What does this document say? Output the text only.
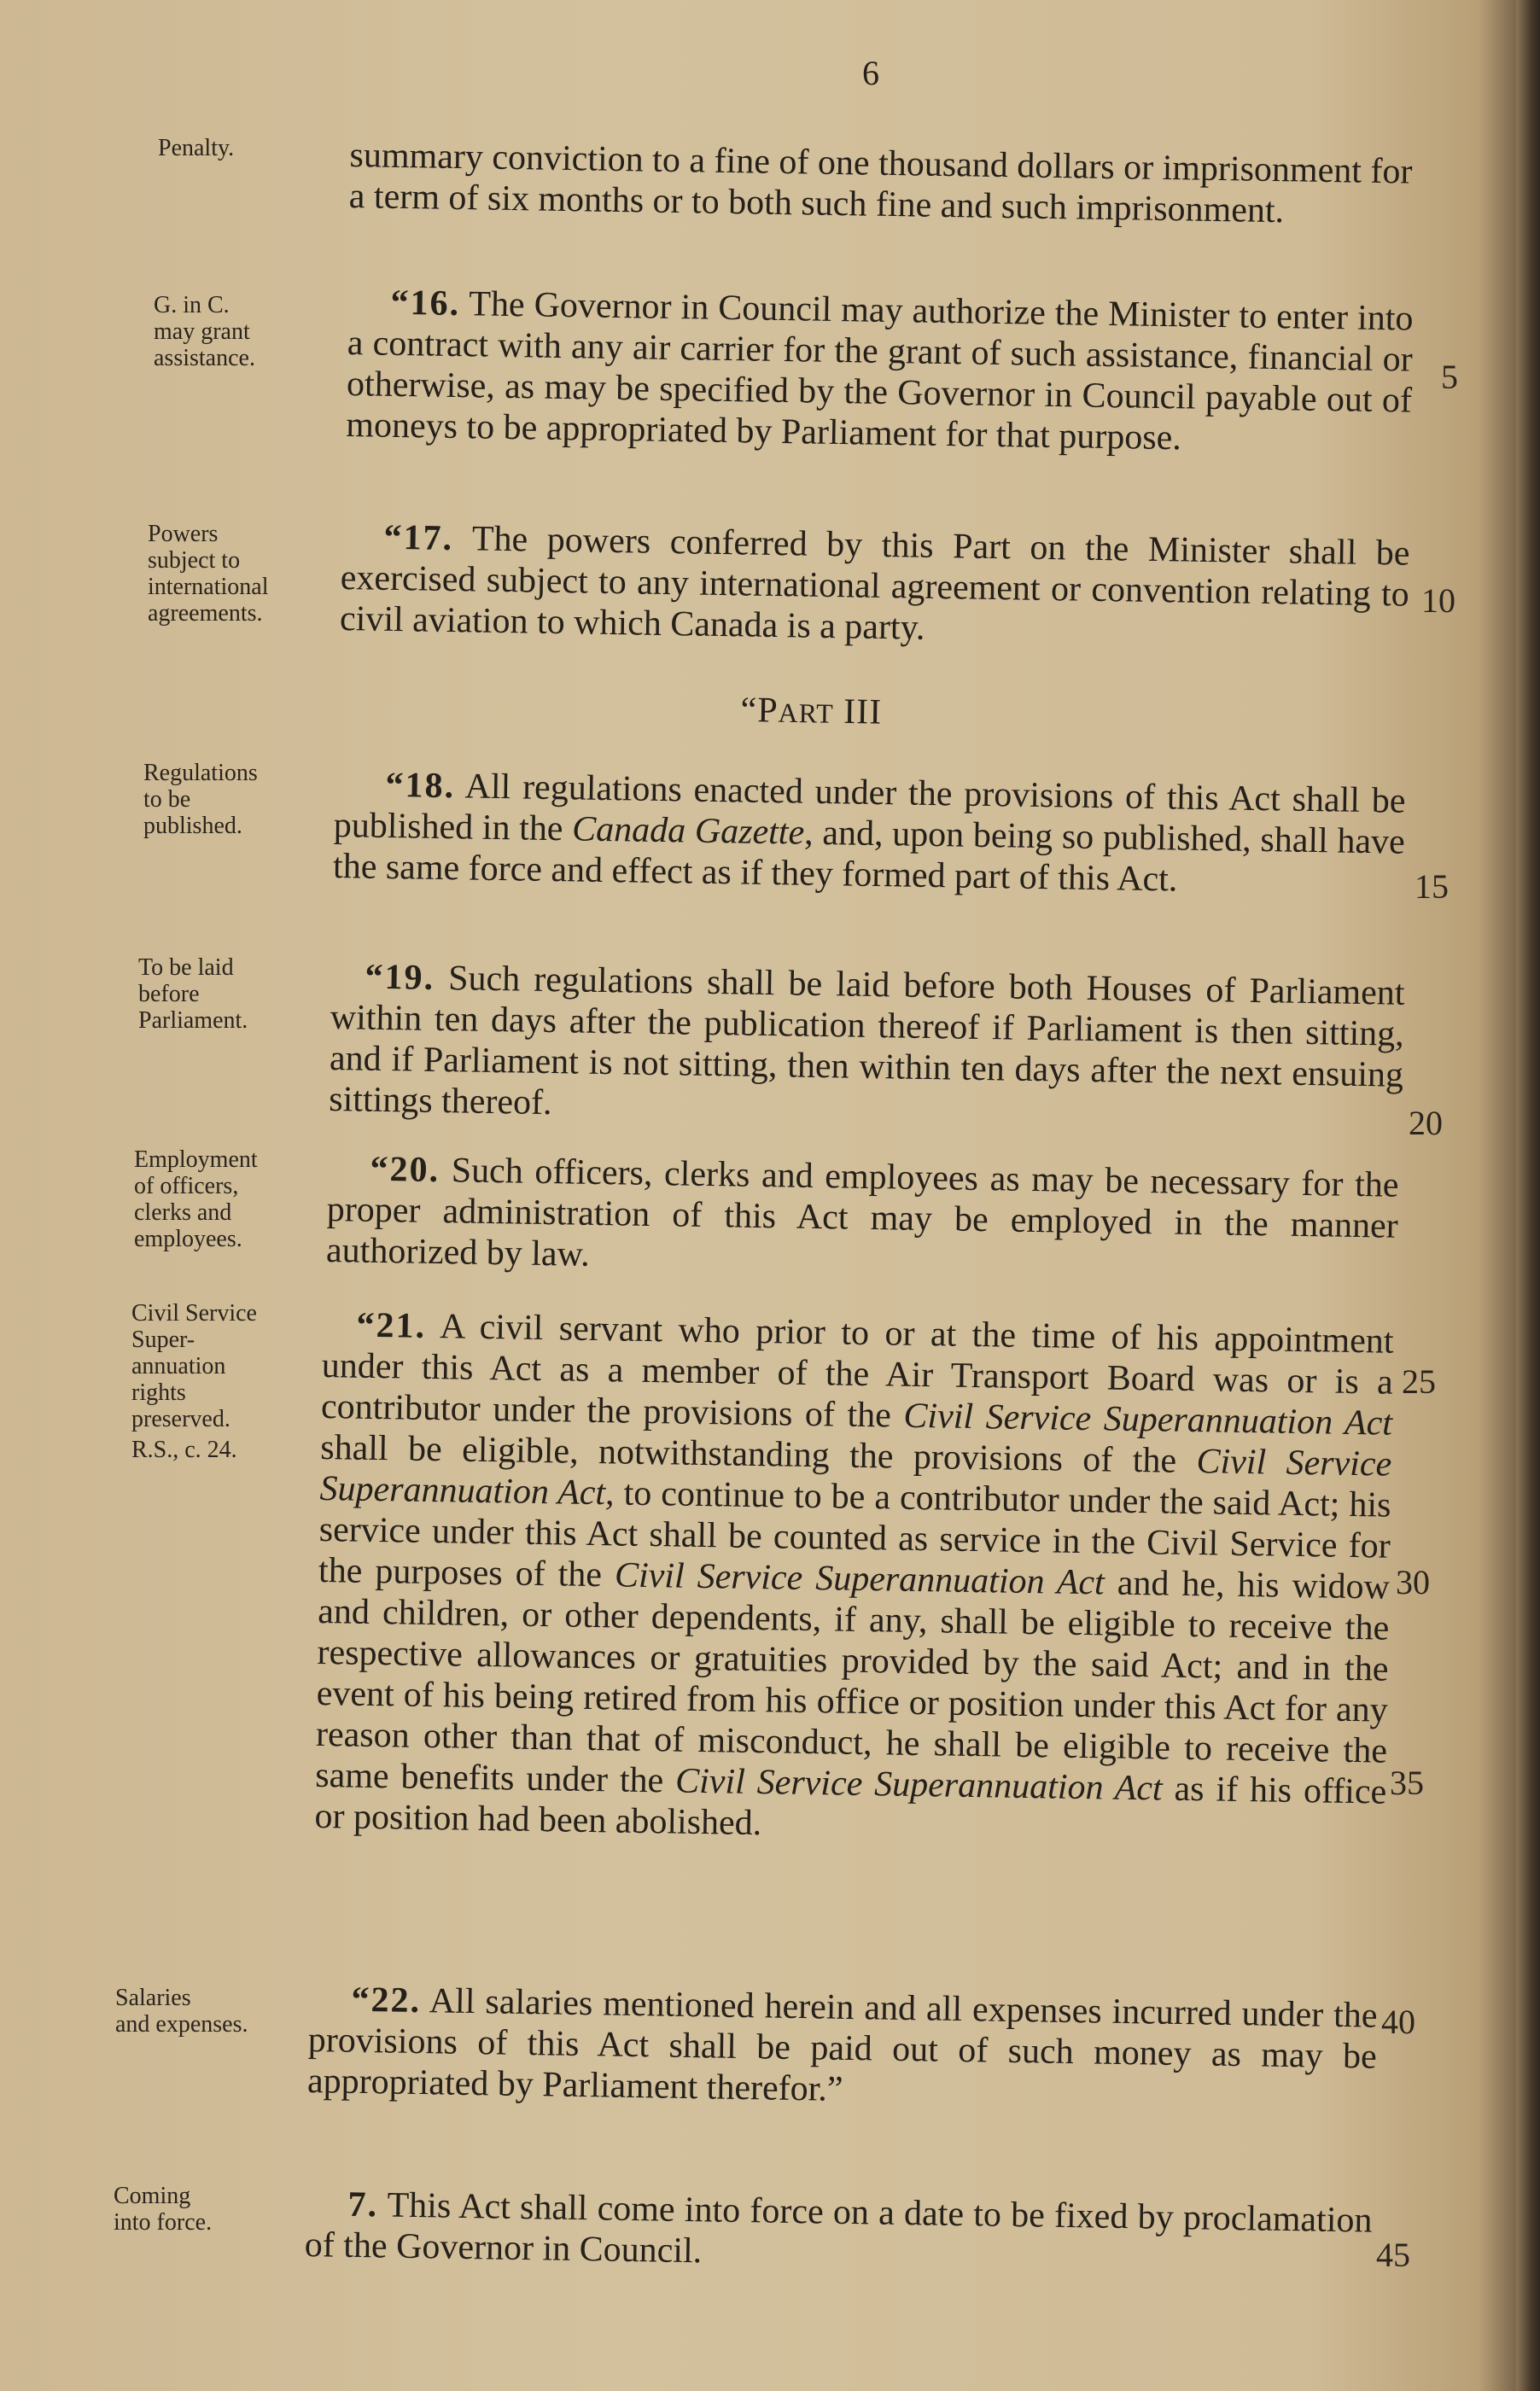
6
Penalty.
G. in C.
may grant
assistance.
Powers
subject to
international
agreements.
Regulations
to be
published.
To be laid
before
Parliament.
Employment
of officers,
clerks and
employees.
Civil Service
Super-
annuation
rights
preserved.
R.S., c. 24.
Salaries
and expenses.
Coming
into force.

summary conviction to a fine of one thousand dollars or imprisonment for a term of six months or to both such fine and such imprisonment.

“16. The Governor in Council may authorize the Minister to enter into a contract with any air carrier for the grant of such assistance, financial or otherwise, as may be specified by the Governor in Council payable out of moneys to be appropriated by Parliament for that purpose.

“17. The powers conferred by this Part on the Minister shall be exercised subject to any international agreement or convention relating to civil aviation to which Canada is a party.

“PART III

“18. All regulations enacted under the provisions of this Act shall be published in the Canada Gazette, and, upon being so published, shall have the same force and effect as if they formed part of this Act.

“19. Such regulations shall be laid before both Houses of Parliament within ten days after the publication thereof if Parliament is then sitting, and if Parliament is not sitting, then within ten days after the next ensuing sittings thereof.

“20. Such officers, clerks and employees as may be necessary for the proper administration of this Act may be employed in the manner authorized by law.

“21. A civil servant who prior to or at the time of his appointment under this Act as a member of the Air Transport Board was or is a contributor under the provisions of the Civil Service Superannuation Act shall be eligible, notwithstanding the provisions of the Civil Service Superannuation Act, to continue to be a contributor under the said Act; his service under this Act shall be counted as service in the Civil Service for the purposes of the Civil Service Superannuation Act and he, his widow and children, or other dependents, if any, shall be eligible to receive the respective allowances or gratuities provided by the said Act; and in the event of his being retired from his office or position under this Act for any reason other than that of misconduct, he shall be eligible to receive the same benefits under the Civil Service Superannuation Act as if his office or position had been abolished.

“22. All salaries mentioned herein and all expenses incurred under the provisions of this Act shall be paid out of such money as may be appropriated by Parliament therefor.”

7. This Act shall come into force on a date to be fixed by proclamation of the Governor in Council.

5
10
15
20
25
30
35
40
45
